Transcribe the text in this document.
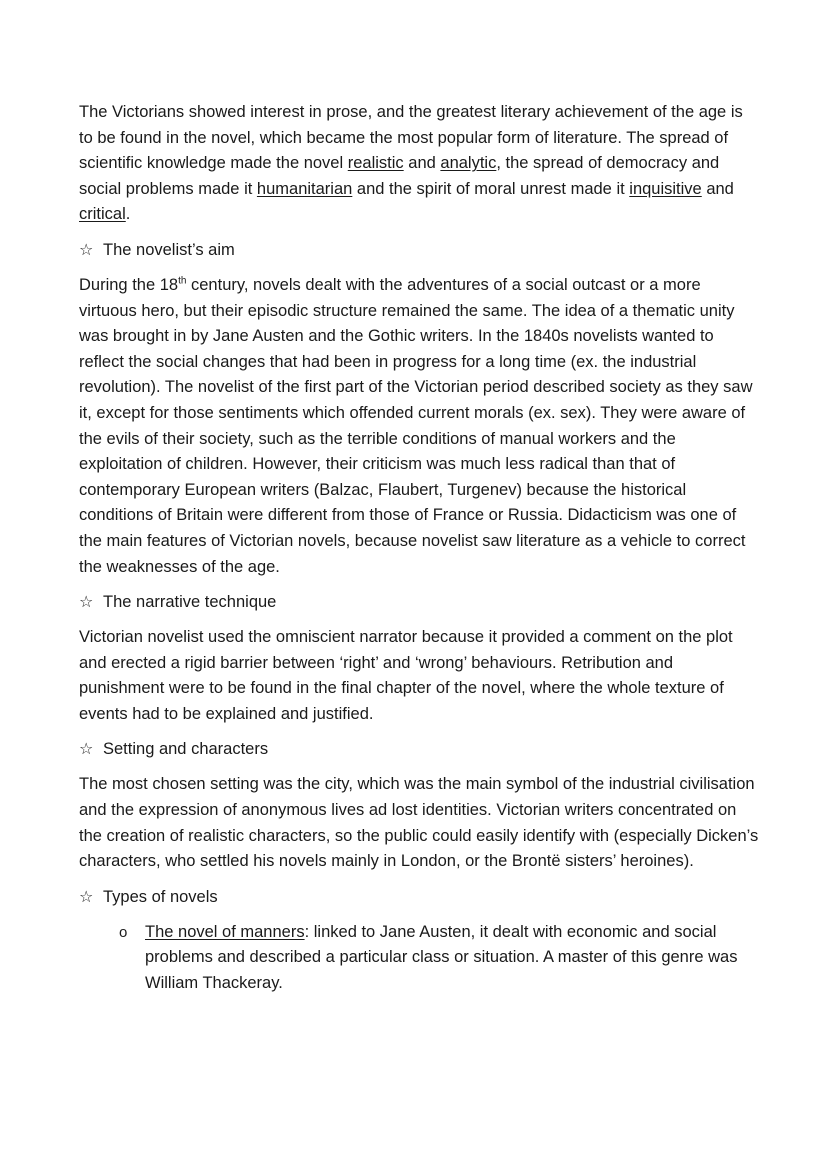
The Victorians showed interest in prose, and the greatest literary achievement of the age is to be found in the novel, which became the most popular form of literature. The spread of scientific knowledge made the novel realistic and analytic, the spread of democracy and social problems made it humanitarian and the spirit of moral unrest made it inquisitive and critical.

☆ The novelist’s aim

During the 18th century, novels dealt with the adventures of a social outcast or a more virtuous hero, but their episodic structure remained the same. The idea of a thematic unity was brought in by Jane Austen and the Gothic writers. In the 1840s novelists wanted to reflect the social changes that had been in progress for a long time (ex. the industrial revolution). The novelist of the first part of the Victorian period described society as they saw it, except for those sentiments which offended current morals (ex. sex). They were aware of the evils of their society, such as the terrible conditions of manual workers and the exploitation of children. However, their criticism was much less radical than that of contemporary European writers (Balzac, Flaubert, Turgenev) because the historical conditions of Britain were different from those of France or Russia. Didacticism was one of the main features of Victorian novels, because novelist saw literature as a vehicle to correct the weaknesses of the age.

☆ The narrative technique

Victorian novelist used the omniscient narrator because it provided a comment on the plot and erected a rigid barrier between ‘right’ and ‘wrong’ behaviours. Retribution and punishment were to be found in the final chapter of the novel, where the whole texture of events had to be explained and justified.

☆ Setting and characters

The most chosen setting was the city, which was the main symbol of the industrial civilisation and the expression of anonymous lives ad lost identities. Victorian writers concentrated on the creation of realistic characters, so the public could easily identify with (especially Dicken’s characters, who settled his novels mainly in London, or the Brontë sisters’ heroines).

☆ Types of novels
o	The novel of manners: linked to Jane Austen, it dealt with economic and social problems and described a particular class or situation. A master of this genre was William Thackeray.
